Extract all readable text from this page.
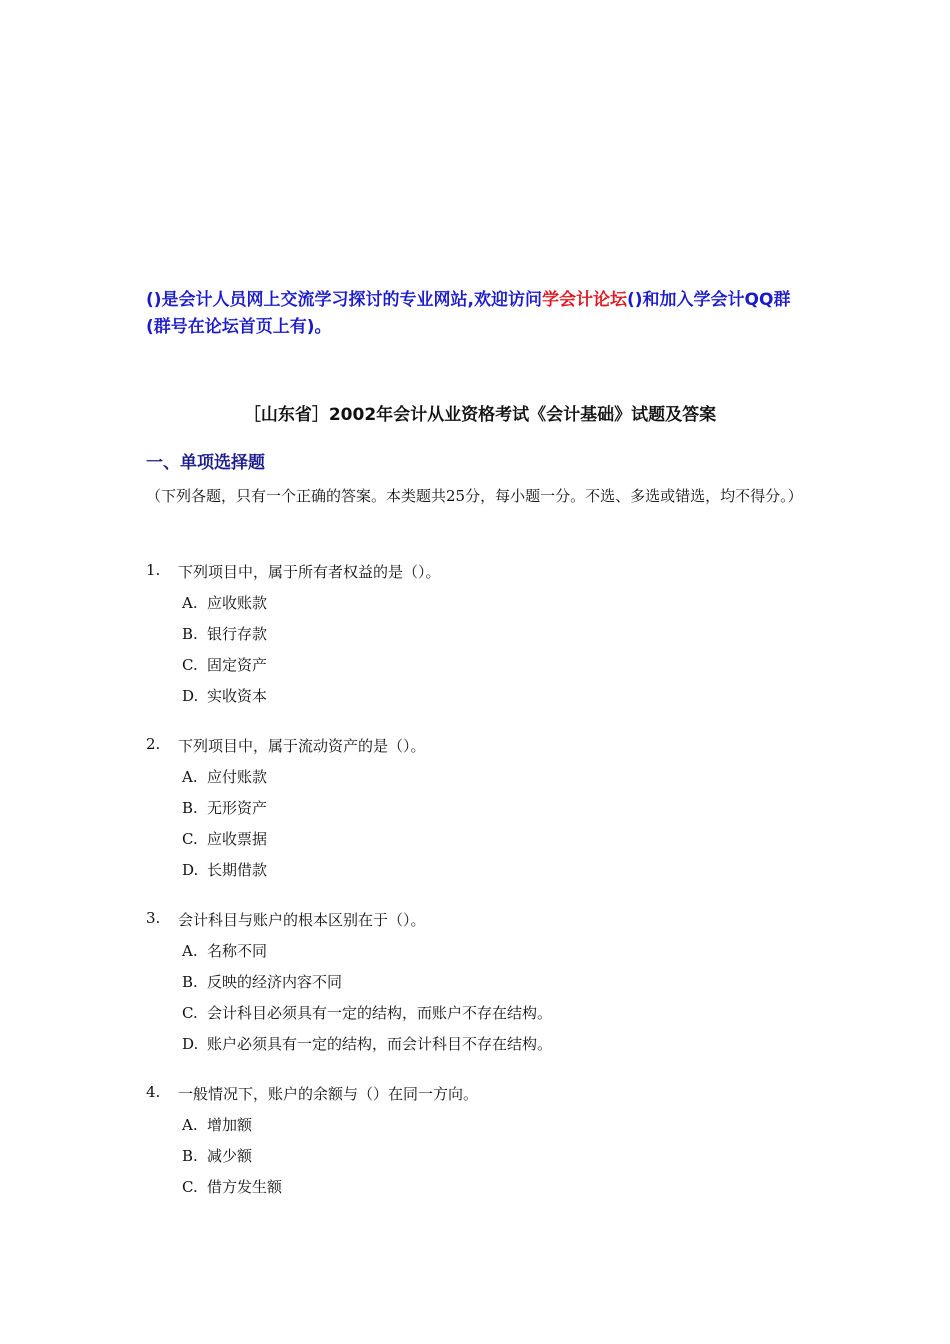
()是会计人员网上交流学习探讨的专业网站,欢迎访问学会计论坛()和加入学会计QQ群(群号在论坛首页上有)。
［山东省］2002年会计从业资格考试《会计基础》试题及答案
一、单项选择题
（下列各题，只有一个正确的答案。本类题共25分，每小题一分。不选、多选或错选，均不得分。）
1. 下列项目中，属于所有者权益的是（）。
A. 应收账款
B. 银行存款
C. 固定资产
D. 实收资本
2. 下列项目中，属于流动资产的是（）。
A. 应付账款
B. 无形资产
C. 应收票据
D. 长期借款
3. 会计科目与账户的根本区别在于（）。
A. 名称不同
B. 反映的经济内容不同
C. 会计科目必须具有一定的结构，而账户不存在结构。
D. 账户必须具有一定的结构，而会计科目不存在结构。
4. 一般情况下，账户的余额与（）在同一方向。
A. 增加额
B. 减少额
C. 借方发生额
